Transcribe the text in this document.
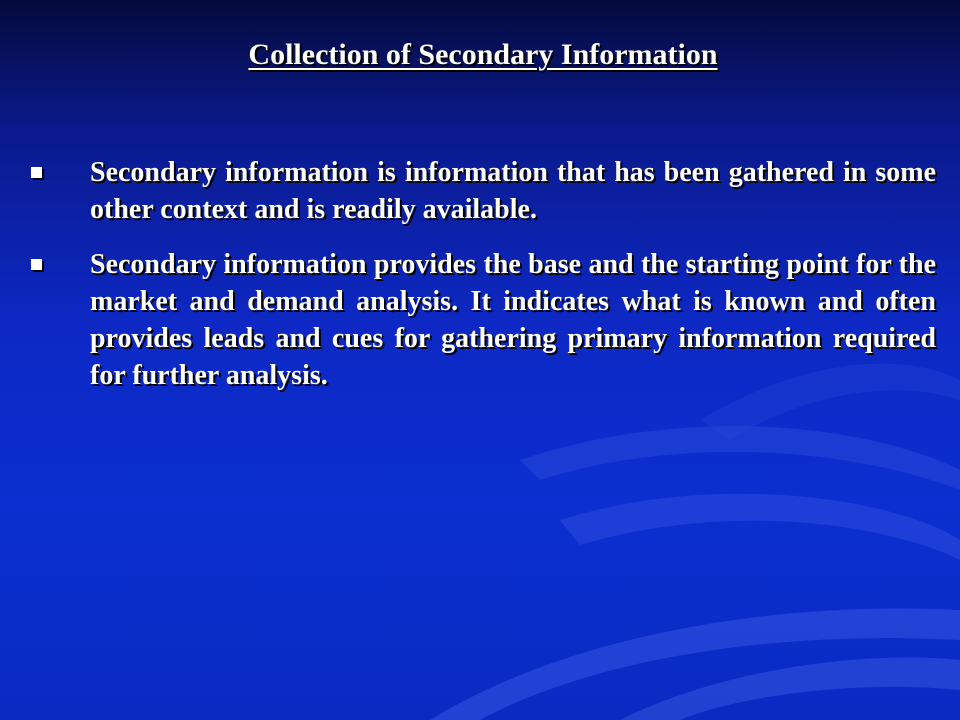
Collection of Secondary Information
Secondary information is information that has been gathered in some other context and is readily available.
Secondary information provides the base and the starting point for the market and demand analysis. It indicates what is known and often provides leads and cues for gathering primary information required for further analysis.
